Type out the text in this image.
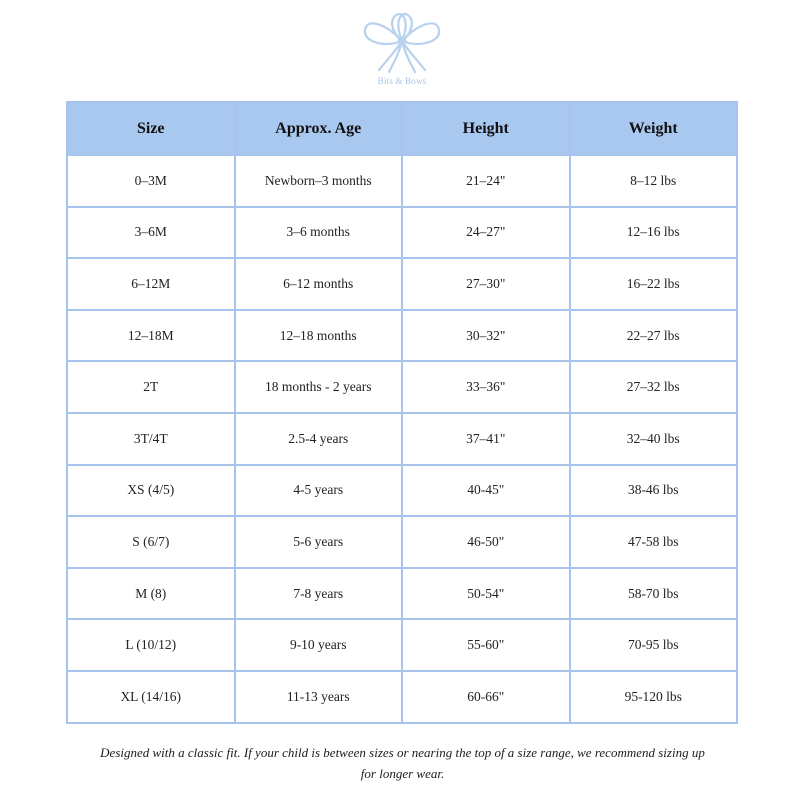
Bits & Bows
Size	Approx. Age	Height	Weight
0–3M	Newborn–3 months	21–24"	8–12 lbs
3–6M	3–6 months	24–27"	12–16 lbs
6–12M	6–12 months	27–30"	16–22 lbs
12–18M	12–18 months	30–32"	22–27 lbs
2T	18 months - 2 years	33–36"	27–32 lbs
3T/4T	2.5-4 years	37–41"	32–40 lbs
XS (4/5)	4-5 years	40-45"	38-46 lbs
S (6/7)	5-6 years	46-50"	47-58 lbs
M (8)	7-8 years	50-54"	58-70 lbs
L (10/12)	9-10 years	55-60"	70-95 lbs
XL (14/16)	11-13 years	60-66"	95-120 lbs
Designed with a classic fit. If your child is between sizes or nearing the top of a size range, we recommend sizing up for longer wear.
